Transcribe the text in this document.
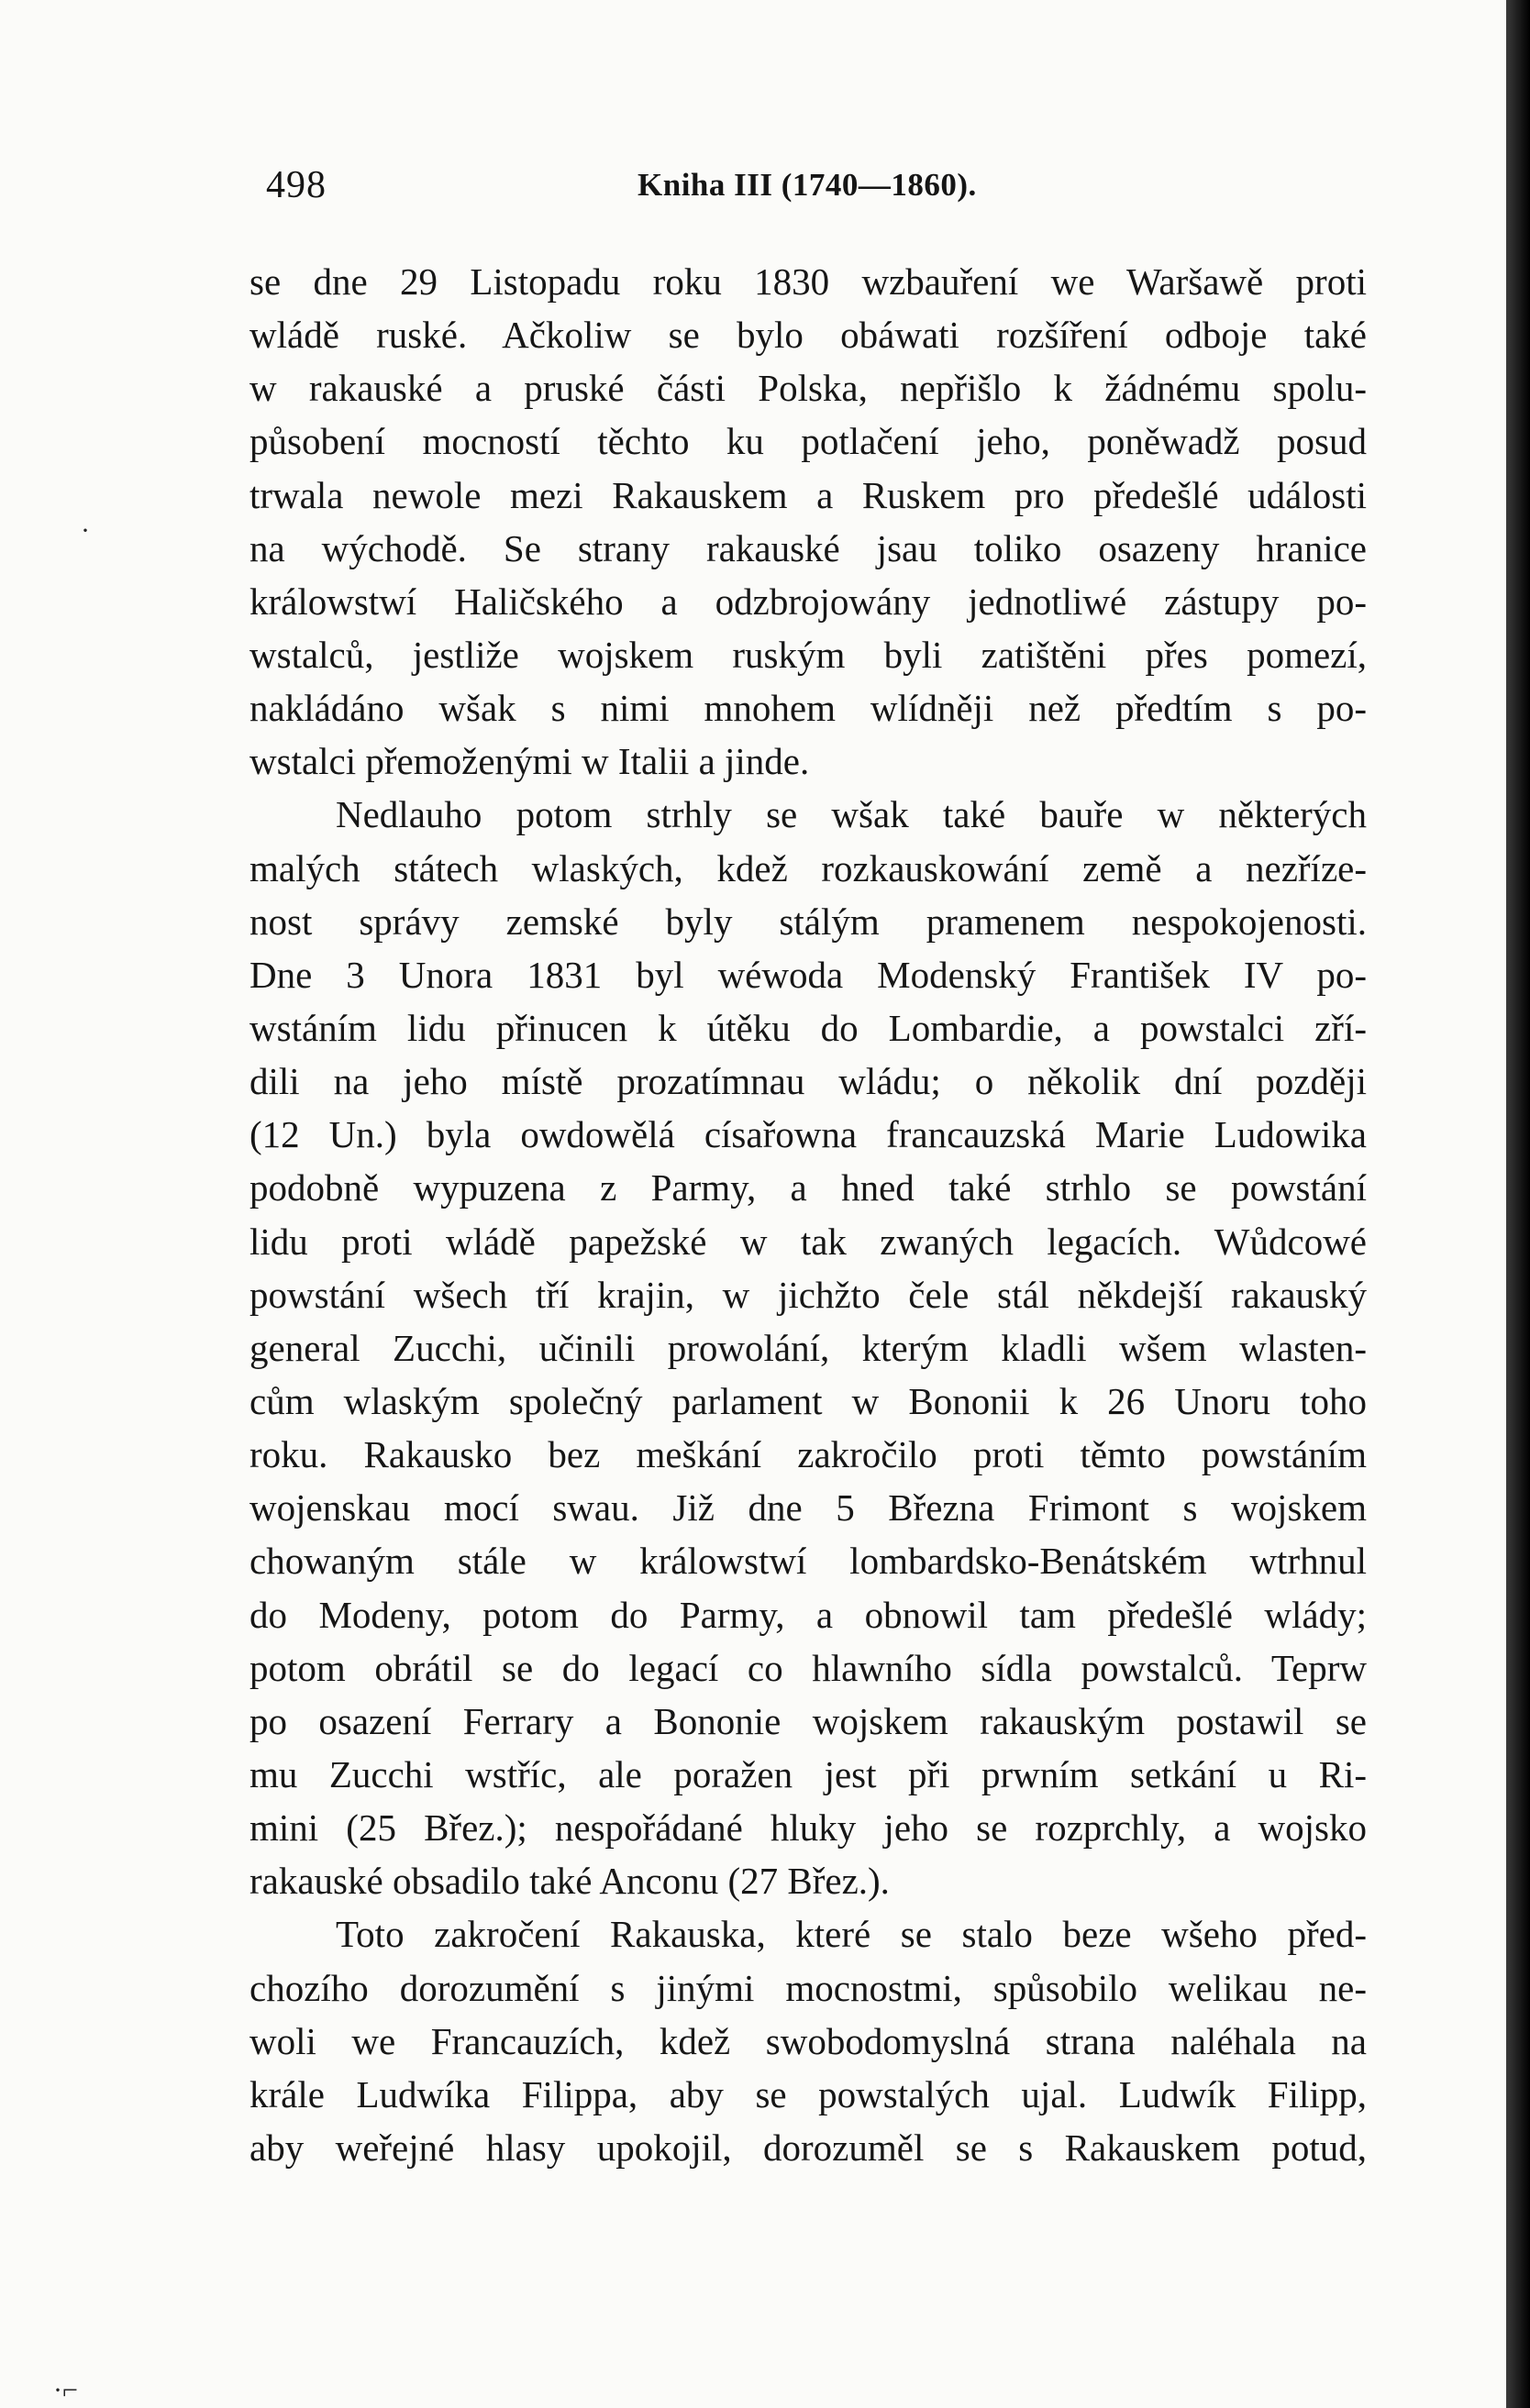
498	Kniha III (1740—1860).
se dne 29 Listopadu roku 1830 wzbauření we Waršawě proti
wládě ruské. Ačkoliw se bylo obáwati rozšíření odboje také
w rakauské a pruské části Polska, nepřišlo k žádnému spolu-
působení mocností těchto ku potlačení jeho, poněwadž posud
trwala newole mezi Rakauskem a Ruskem pro předešlé události
na wýchodě. Se strany rakauské jsau toliko osazeny hranice
králowstwí Haličského a odzbrojowány jednotliwé zástupy po-
wstalců, jestliže wojskem ruským byli zatištěni přes pomezí,
nakládáno wšak s nimi mnohem wlídněji než předtím s po-
wstalci přemoženými w Italii a jinde.
Nedlauho potom strhly se wšak také bauře w některých
malých státech wlaských, kdež rozkauskowání země a nezříze-
nost správy zemské byly stálým pramenem nespokojenosti.
Dne 3 Unora 1831 byl wéwoda Modenský František IV po-
wstáním lidu přinucen k útěku do Lombardie, a powstalci zří-
dili na jeho místě prozatímnau wládu; o několik dní později
(12 Un.) byla owdowělá císařowna francauzská Marie Ludowika
podobně wypuzena z Parmy, a hned také strhlo se powstání
lidu proti wládě papežské w tak zwaných legacích. Wůdcowé
powstání wšech tří krajin, w jichžto čele stál někdejší rakauský
general Zucchi, učinili prowolání, kterým kladli wšem wlasten-
cům wlaským společný parlament w Bononii k 26 Unoru toho
roku. Rakausko bez meškání zakročilo proti těmto powstáním
wojenskau mocí swau. Již dne 5 Března Frimont s wojskem
chowaným stále w králowstwí lombardsko-Benátském wtrhnul
do Modeny, potom do Parmy, a obnowil tam předešlé wlády;
potom obrátil se do legací co hlawního sídla powstalců. Teprw
po osazení Ferrary a Bononie wojskem rakauským postawil se
mu Zucchi wstříc, ale poražen jest při prwním setkání u Ri-
mini (25 Břez.); nespořádané hluky jeho se rozprchly, a wojsko
rakauské obsadilo také Anconu (27 Břez.).
Toto zakročení Rakauska, které se stalo beze wšeho před-
chozího dorozumění s jinými mocnostmi, spůsobilo welikau ne-
woli we Francauzích, kdež swobodomyslná strana naléhala na
krále Ludwíka Filippa, aby se powstalých ujal. Ludwík Filipp,
aby weřejné hlasy upokojil, dorozuměl se s Rakauskem potud,
·
·⌐
